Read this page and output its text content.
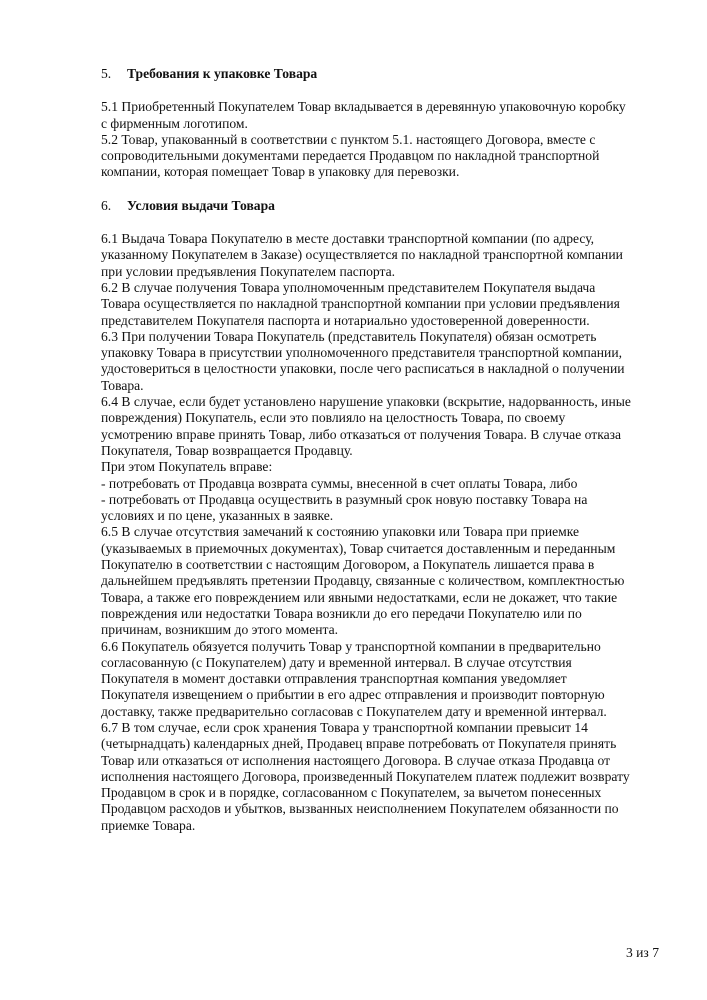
5.	Требования к упаковке Товара

5.1 Приобретенный Покупателем Товар вкладывается в деревянную упаковочную коробку с фирменным логотипом.

5.2 Товар, упакованный в соответствии с пунктом 5.1. настоящего Договора, вместе с сопроводительными документами передается Продавцом по накладной транспортной компании, которая помещает Товар в упаковку для перевозки.

6.	Условия выдачи Товара

6.1 Выдача Товара Покупателю в месте доставки транспортной компании (по адресу, указанному Покупателем в Заказе) осуществляется по накладной транспортной компании при условии предъявления Покупателем паспорта.

6.2 В случае получения Товара уполномоченным представителем Покупателя выдача Товара осуществляется по накладной транспортной компании при условии предъявления представителем Покупателя паспорта и нотариально удостоверенной доверенности.

6.3 При получении Товара Покупатель (представитель Покупателя) обязан осмотреть упаковку Товара в присутствии уполномоченного представителя транспортной компании, удостовериться в целостности упаковки, после чего расписаться в накладной о получении Товара.

6.4 В случае, если будет установлено нарушение упаковки (вскрытие, надорванность, иные повреждения) Покупатель, если это повлияло на целостность Товара, по своему усмотрению вправе принять Товар, либо отказаться от получения Товара. В случае отказа Покупателя, Товар возвращается Продавцу.

При этом Покупатель вправе:

- потребовать от Продавца возврата суммы, внесенной в счет оплаты Товара, либо

- потребовать от Продавца осуществить в разумный срок новую поставку Товара на условиях и по цене, указанных в заявке.

6.5 В случае отсутствия замечаний к состоянию упаковки или Товара при приемке (указываемых в приемочных документах), Товар считается доставленным и переданным Покупателю в соответствии с настоящим Договором, а Покупатель лишается права в дальнейшем предъявлять претензии Продавцу, связанные с количеством, комплектностью Товара, а также его повреждением или явными недостатками, если не докажет, что такие повреждения или недостатки Товара возникли до его передачи Покупателю или по причинам, возникшим до этого момента.

6.6 Покупатель обязуется получить Товар у транспортной компании в предварительно согласованную (с Покупателем) дату и временной интервал. В случае отсутствия Покупателя в момент доставки отправления транспортная компания уведомляет Покупателя извещением о прибытии в его адрес отправления и производит повторную доставку, также предварительно согласовав с Покупателем дату и временной интервал.

6.7 В том случае, если срок хранения Товара у транспортной компании превысит 14 (четырнадцать) календарных дней, Продавец вправе потребовать от Покупателя принять Товар или отказаться от исполнения настоящего Договора. В случае отказа Продавца от исполнения настоящего Договора, произведенный Покупателем платеж подлежит возврату Продавцом в срок и в порядке, согласованном с Покупателем, за вычетом понесенных Продавцом расходов и убытков, вызванных неисполнением Покупателем обязанности по приемке Товара.

3 из 7
